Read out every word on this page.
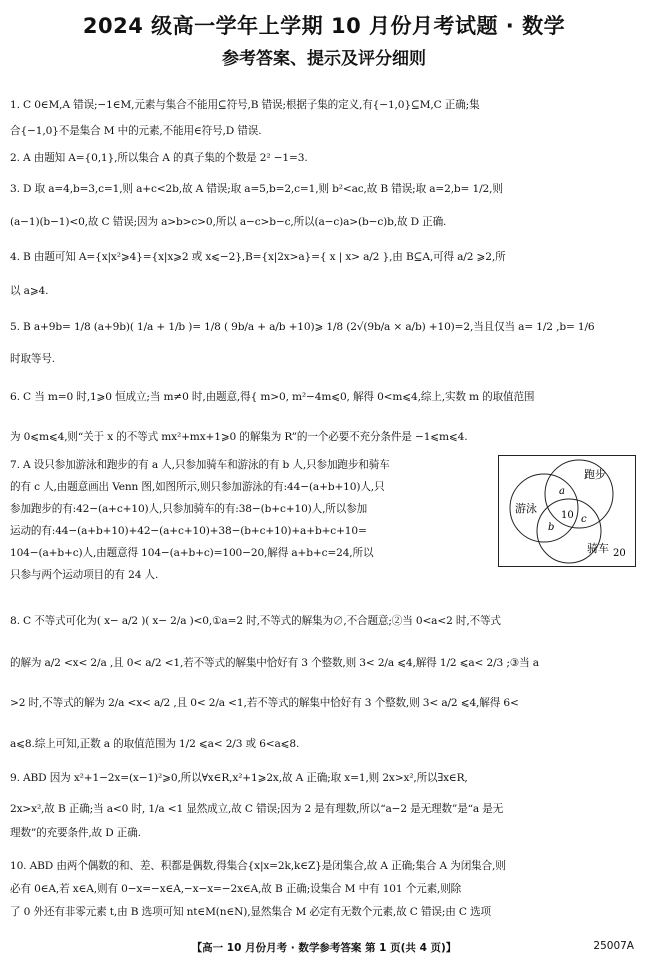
2024 级高一学年上学期 10 月份月考试题 · 数学
参考答案、提示及评分细则
1. C 0∈M,A 错误;−1∈M,元素与集合不能用⊆符号,B 错误;根据子集的定义,有{−1,0}⊆M,C 正确;集
合{−1,0}不是集合 M 中的元素,不能用∈符号,D 错误.
2. A 由题知 A={0,1},所以集合 A 的真子集的个数是 2² −1=3.
3. D 取 a=4,b=3,c=1,则 a+c<2b,故 A 错误;取 a=5,b=2,c=1,则 b²<ac,故 B 错误;取 a=2,b= 1/2,则
(a−1)(b−1)<0,故 C 错误;因为 a>b>c>0,所以 a−c>b−c,所以(a−c)a>(b−c)b,故 D 正确.
4. B 由题可知 A={x|x²⩾4}={x|x⩾2 或 x⩽−2},B={x|2x>a}={ x | x> a/2 },由 B⊆A,可得 a/2 ⩾2,所
以 a⩾4.
5. B a+9b= 1/8 (a+9b)( 1/a + 1/b )= 1/8 ( 9b/a + a/b +10)⩾ 1/8 (2√(9b/a × a/b) +10)=2,当且仅当 a= 1/2 ,b= 1/6
时取等号.
6. C 当 m=0 时,1⩾0 恒成立;当 m≠0 时,由题意,得{ m>0, m²−4m⩽0, 解得 0<m⩽4,综上,实数 m 的取值范围
为 0⩽m⩽4,则“关于 x 的不等式 mx²+mx+1⩾0 的解集为 R”的一个必要不充分条件是 −1⩽m⩽4.
7. A 设只参加游泳和跑步的有 a 人,只参加骑车和游泳的有 b 人,只参加跑步和骑车
的有 c 人,由题意画出 Venn 图,如图所示,则只参加游泳的有:44−(a+b+10)人,只
参加跑步的有:42−(a+c+10)人,只参加骑车的有:38−(b+c+10)人,所以参加
运动的有:44−(a+b+10)+42−(a+c+10)+38−(b+c+10)+a+b+c+10=
104−(a+b+c)人,由题意得 104−(a+b+c)=100−20,解得 a+b+c=24,所以
只参与两个运动项目的有 24 人.
游泳
跑步
骑车
a
b
c
10
20
8. C 不等式可化为( x− a/2 )( x− 2/a )<0,①a=2 时,不等式的解集为∅,不合题意;②当 0<a<2 时,不等式
的解为 a/2 <x< 2/a ,且 0< a/2 <1,若不等式的解集中恰好有 3 个整数,则 3< 2/a ⩽4,解得 1/2 ⩽a< 2/3 ;③当 a
>2 时,不等式的解为 2/a <x< a/2 ,且 0< 2/a <1,若不等式的解集中恰好有 3 个整数,则 3< a/2 ⩽4,解得 6<
a⩽8.综上可知,正数 a 的取值范围为 1/2 ⩽a< 2/3 或 6<a⩽8.
9. ABD 因为 x²+1−2x=(x−1)²⩾0,所以∀x∈R,x²+1⩾2x,故 A 正确;取 x=1,则 2x>x²,所以∃x∈R,
2x>x²,故 B 正确;当 a<0 时, 1/a <1 显然成立,故 C 错误;因为 2 是有理数,所以“a−2 是无理数”是“a 是无
理数”的充要条件,故 D 正确.
10. ABD 由两个偶数的和、差、积都是偶数,得集合{x|x=2k,k∈Z}是闭集合,故 A 正确;集合 A 为闭集合,则
必有 0∈A,若 x∈A,则有 0−x=−x∈A,−x−x=−2x∈A,故 B 正确;设集合 M 中有 101 个元素,则除
了 0 外还有非零元素 t,由 B 选项可知 nt∈M(n∈N),显然集合 M 必定有无数个元素,故 C 错误;由 C 选项
【高一 10 月份月考 · 数学参考答案 第 1 页(共 4 页)】	25007A
